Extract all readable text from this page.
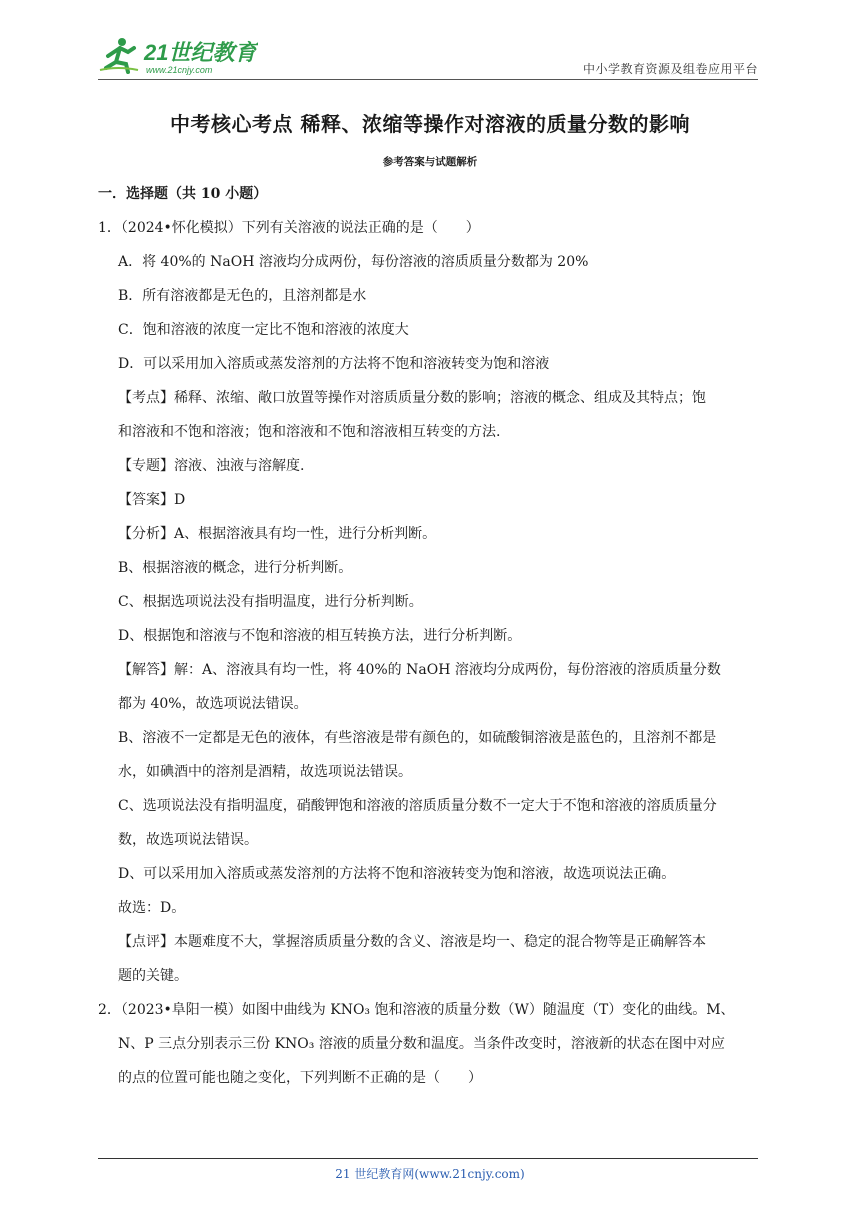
21世纪教育
www.21cnjy.com	中小学教育资源及组卷应用平台
中考核心考点 稀释、浓缩等操作对溶液的质量分数的影响
参考答案与试题解析
一．选择题（共 10 小题）
1．（2024•怀化模拟）下列有关溶液的说法正确的是（　　）
A．将 40%的 NaOH 溶液均分成两份，每份溶液的溶质质量分数都为 20%
B．所有溶液都是无色的，且溶剂都是水
C．饱和溶液的浓度一定比不饱和溶液的浓度大
D．可以采用加入溶质或蒸发溶剂的方法将不饱和溶液转变为饱和溶液
【考点】稀释、浓缩、敞口放置等操作对溶质质量分数的影响；溶液的概念、组成及其特点；饱
和溶液和不饱和溶液；饱和溶液和不饱和溶液相互转变的方法.
【专题】溶液、浊液与溶解度.
【答案】D
【分析】A、根据溶液具有均一性，进行分析判断。
B、根据溶液的概念，进行分析判断。
C、根据选项说法没有指明温度，进行分析判断。
D、根据饱和溶液与不饱和溶液的相互转换方法，进行分析判断。
【解答】解：A、溶液具有均一性，将 40%的 NaOH 溶液均分成两份，每份溶液的溶质质量分数
都为 40%，故选项说法错误。
B、溶液不一定都是无色的液体，有些溶液是带有颜色的，如硫酸铜溶液是蓝色的，且溶剂不都是
水，如碘酒中的溶剂是酒精，故选项说法错误。
C、选项说法没有指明温度，硝酸钾饱和溶液的溶质质量分数不一定大于不饱和溶液的溶质质量分
数，故选项说法错误。
D、可以采用加入溶质或蒸发溶剂的方法将不饱和溶液转变为饱和溶液，故选项说法正确。
故选：D。
【点评】本题难度不大，掌握溶质质量分数的含义、溶液是均一、稳定的混合物等是正确解答本
题的关键。
2．（2023•阜阳一模）如图中曲线为 KNO₃ 饱和溶液的质量分数（W）随温度（T）变化的曲线。M、
N、P 三点分别表示三份 KNO₃ 溶液的质量分数和温度。当条件改变时，溶液新的状态在图中对应
的点的位置可能也随之变化，下列判断不正确的是（　　）
21 世纪教育网(www.21cnjy.com)
